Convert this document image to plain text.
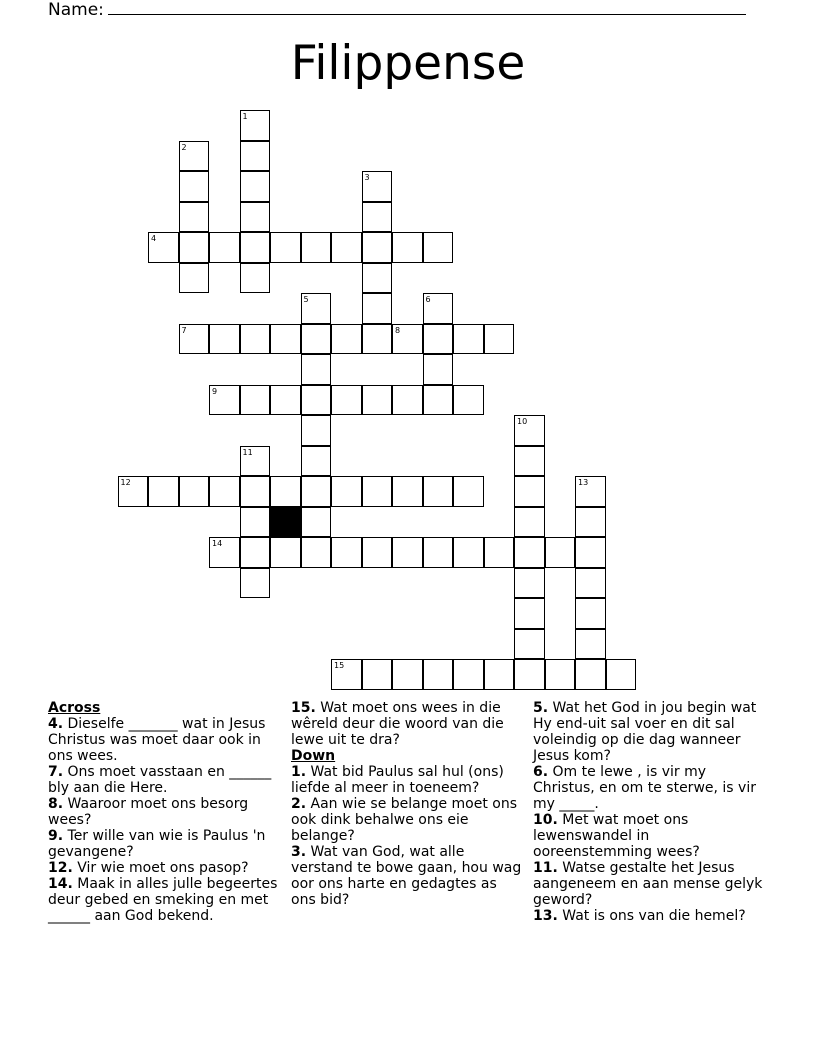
Name:
Filippense
1
2
3
4
7	8
5	6
9
10
11
12	13
14
15
Across
4. Dieselfe _______ wat in Jesus Christus was moet daar ook in ons wees.
7. Ons moet vasstaan en ______ bly aan die Here.
8. Waaroor moet ons besorg wees?
9. Ter wille van wie is Paulus 'n gevangene?
12. Vir wie moet ons pasop?
14. Maak in alles julle begeertes deur gebed en smeking en met ______ aan God bekend.
15. Wat moet ons wees in die wêreld deur die woord van die lewe uit te dra?
Down
1. Wat bid Paulus sal hul (ons) liefde al meer in toeneem?
2. Aan wie se belange moet ons ook dink behalwe ons eie belange?
3. Wat van God, wat alle verstand te bowe gaan, hou wag oor ons harte en gedagtes as ons bid?
5. Wat het God in jou begin wat Hy end-uit sal voer en dit sal voleindig op die dag wanneer Jesus kom?
6. Om te lewe , is vir my Christus, en om te sterwe, is vir my _____.
10. Met wat moet ons lewenswandel in ooreenstemming wees?
11. Watse gestalte het Jesus aangeneem en aan mense gelyk geword?
13. Wat is ons van die hemel?
